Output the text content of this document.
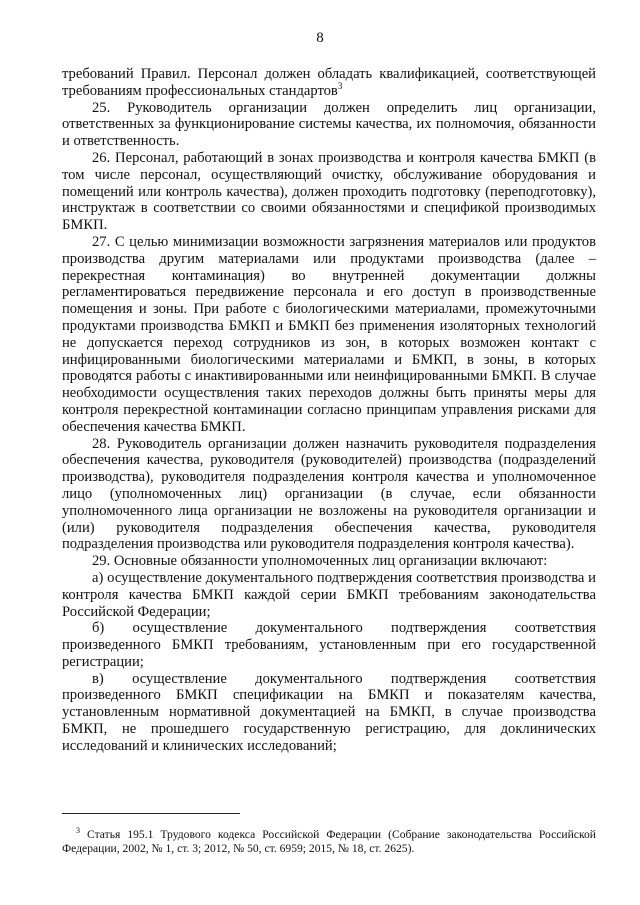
8

требований Правил. Персонал должен обладать квалификацией, соответствующей требованиям профессиональных стандартов$^3$

25. Руководитель организации должен определить лиц организации, ответственных за функционирование системы качества, их полномочия, обязанности и ответственность.

26. Персонал, работающий в зонах производства и контроля качества БМКП (в том числе персонал, осуществляющий очистку, обслуживание оборудования и помещений или контроль качества), должен проходить подготовку (переподготовку), инструктаж в соответствии со своими обязанностями и спецификой производимых БМКП.

27. С целью минимизации возможности загрязнения материалов или продуктов производства другим материалами или продуктами производства (далее – перекрестная контаминация) во внутренней документации должны регламентироваться передвижение персонала и его доступ в производственные помещения и зоны. При работе с биологическими материалами, промежуточными продуктами производства БМКП и БМКП без применения изоляторных технологий не допускается переход сотрудников из зон, в которых возможен контакт с инфицированными биологическими материалами и БМКП, в зоны, в которых проводятся работы с инактивированными или неинфицированными БМКП. В случае необходимости осуществления таких переходов должны быть приняты меры для контроля перекрестной контаминации согласно принципам управления рисками для обеспечения качества БМКП.

28. Руководитель организации должен назначить руководителя подразделения обеспечения качества, руководителя (руководителей) производства (подразделений производства), руководителя подразделения контроля качества и уполномоченное лицо (уполномоченных лиц) организации (в случае, если обязанности уполномоченного лица организации не возложены на руководителя организации и (или) руководителя подразделения обеспечения качества, руководителя подразделения производства или руководителя подразделения контроля качества).

29. Основные обязанности уполномоченных лиц организации включают:

а) осуществление документального подтверждения соответствия производства и контроля качества БМКП каждой серии БМКП требованиям законодательства Российской Федерации;

б) осуществление документального подтверждения соответствия произведенного БМКП требованиям, установленным при его государственной регистрации;

в) осуществление документального подтверждения соответствия произведенного БМКП спецификации на БМКП и показателям качества, установленным нормативной документацией на БМКП, в случае производства БМКП, не прошедшего государственную регистрацию, для доклинических исследований и клинических исследований;

$^3$ Статья 195.1 Трудового кодекса Российской Федерации (Собрание законодательства Российской Федерации, 2002, № 1, ст. 3; 2012, № 50, ст. 6959; 2015, № 18, ст. 2625).
